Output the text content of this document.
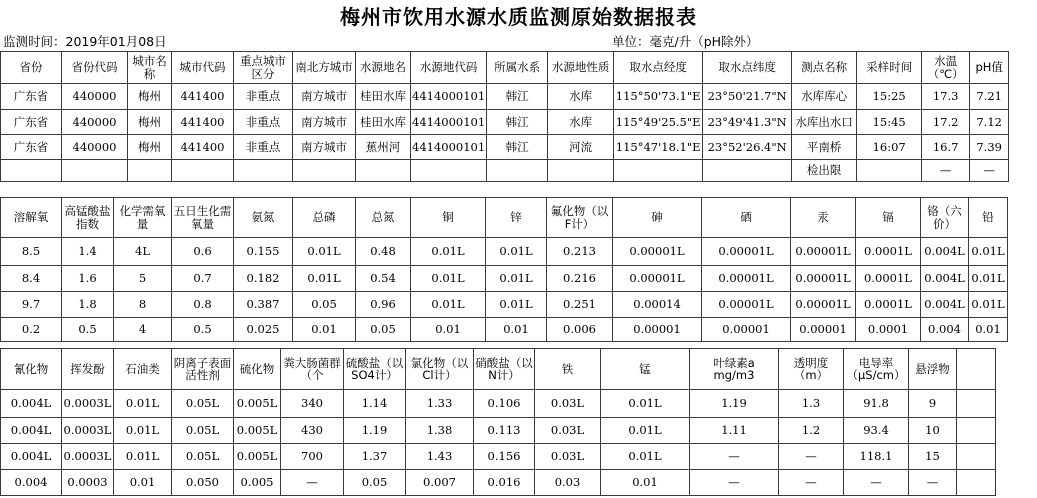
梅州市饮用水源水质监测原始数据报表
监测时间：2019年01月08日	单位：毫克/升（pH除外）
省份	省份代码	城市名称	城市代码	重点城市区分	南北方城市	水源地名	水源地代码	所属水系	水源地性质	取水点经度	取水点纬度	测点名称	采样时间	水温（℃）	pH值
广东省	440000	梅州	441400	非重点	南方城市	桂田水库	4414000101	韩江	水库	115°50'73.1"E	23°50'21.7"N	水库库心	15:25	17.3	7.21
广东省	440000	梅州	441400	非重点	南方城市	桂田水库	4414000101	韩江	水库	115°49'25.5"E	23°49'41.3"N	水库出水口	15:45	17.2	7.12
广东省	440000	梅州	441400	非重点	南方城市	蕉州河	4414000101	韩江	河流	115°47'18.1"E	23°52'26.4"N	平南桥	16:07	16.7	7.39
												检出限		—	—
溶解氧	高锰酸盐指数	化学需氧量	五日生化需氧量	氨氮	总磷	总氮	铜	锌	氟化物（以F计）	砷	硒	汞	镉	铬（六价）	铅
8.5	1.4	4L	0.6	0.155	0.01L	0.48	0.01L	0.01L	0.213	0.00001L	0.00001L	0.00001L	0.0001L	0.004L	0.01L
8.4	1.6	5	0.7	0.182	0.01L	0.54	0.01L	0.01L	0.216	0.00001L	0.00001L	0.00001L	0.0001L	0.004L	0.01L
9.7	1.8	8	0.8	0.387	0.05	0.96	0.01L	0.01L	0.251	0.00014	0.00001L	0.00001L	0.0001L	0.004L	0.01L
0.2	0.5	4	0.5	0.025	0.01	0.05	0.01	0.01	0.006	0.00001	0.00001	0.00001	0.0001	0.004	0.01
氰化物	挥发酚	石油类	阴离子表面活性剂	硫化物	粪大肠菌群（个	硫酸盐（以SO4计）	氯化物（以Cl计）	硝酸盐（以N计）	铁	锰	叶绿素a mg/m3	透明度（m）	电导率（μS/cm）	悬浮物	
0.004L	0.0003L	0.01L	0.05L	0.005L	340	1.14	1.33	0.106	0.03L	0.01L	1.19	1.3	91.8	9	
0.004L	0.0003L	0.01L	0.05L	0.005L	430	1.19	1.38	0.113	0.03L	0.01L	1.11	1.2	93.4	10	
0.004L	0.0003L	0.01L	0.05L	0.005L	700	1.37	1.43	0.156	0.03L	0.01L	—	—	118.1	15	
0.004	0.0003	0.01	0.050	0.005	—	0.05	0.007	0.016	0.03	0.01	—	—	—	—	
